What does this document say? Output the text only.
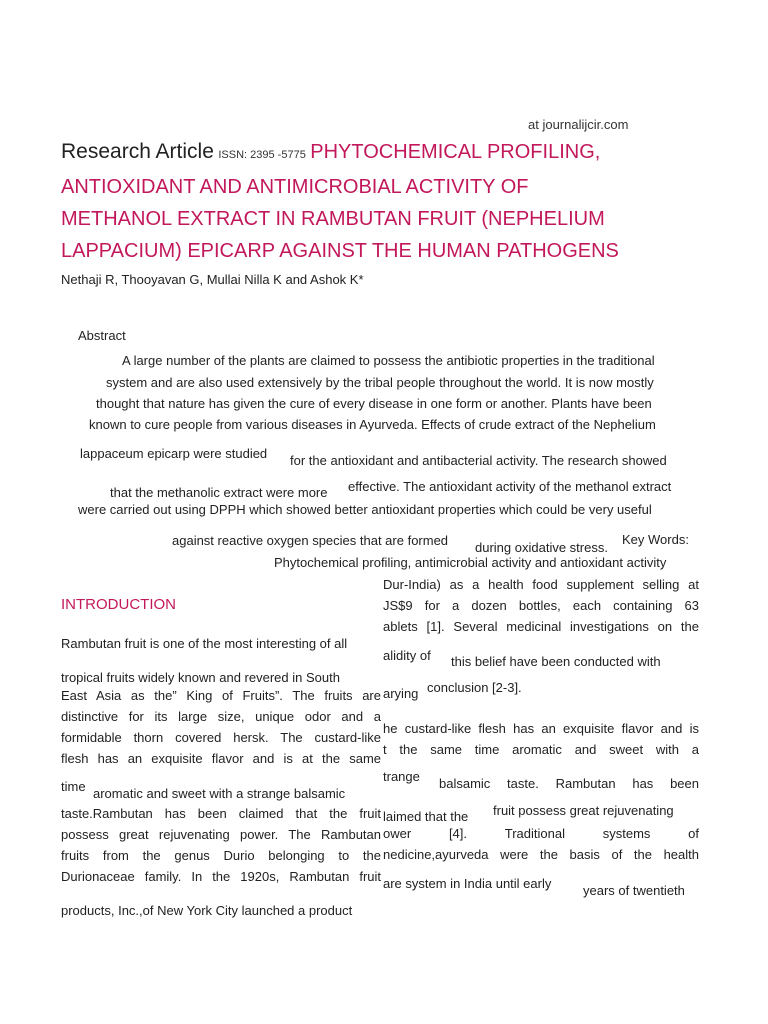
at journalijcir.com
Research Article ISSN: 2395 -5775 PHYTOCHEMICAL PROFILING,
ANTIOXIDANT AND ANTIMICROBIAL ACTIVITY OF
METHANOL EXTRACT IN RAMBUTAN FRUIT (NEPHELIUM
LAPPACIUM) EPICARP AGAINST THE HUMAN PATHOGENS
Nethaji R, Thooyavan G, Mullai Nilla K and Ashok K*
Abstract
A large number of the plants are claimed to possess the antibiotic properties in the traditional
system and are also used extensively by the tribal people throughout the world. It is now mostly
thought that nature has given the cure of every disease in one form or another. Plants have been
known to cure people from various diseases in Ayurveda. Effects of crude extract of the Nephelium
lappaceum epicarp were studied for the antioxidant and antibacterial activity. The research showed
that the methanolic extract were more effective. The antioxidant activity of the methanol extract
were carried out using DPPH which showed better antioxidant properties which could be very useful
against reactive oxygen species that are formed during oxidative stress.
Key Words:
Phytochemical profiling, antimicrobial activity and antioxidant activity
INTRODUCTION
Rambutan fruit is one of the most interesting of all
tropical fruits widely known and revered in South
East Asia as the” King of Fruits”. The fruits are
distinctive for its large size, unique odor and a
formidable thorn covered hersk. The custard-like
flesh has an exquisite flavor and is at the same
time aromatic and sweet with a strange balsamic
taste.Rambutan has been claimed that the fruit
possess great rejuvenating power. The Rambutan
fruits from the genus Durio belonging to the
Durionaceae family. In the 1920s, Rambutan fruit
products, Inc.,of New York City launched a product
Dur-India) as a health food supplement selling at
JS$9 for a dozen bottles, each containing 63
ablets [1]. Several medicinal investigations on the
alidity of this belief have been conducted with
arying conclusion [2-3].
he custard-like flesh has an exquisite flavor and is
t the same time aromatic and sweet with a
trange balsamic taste. Rambutan has been
laimed that the fruit possess great rejuvenating
ower	[4].	Traditional	systems	of
nedicine,ayurveda were the basis of the health
are system in India until early years of twentieth
